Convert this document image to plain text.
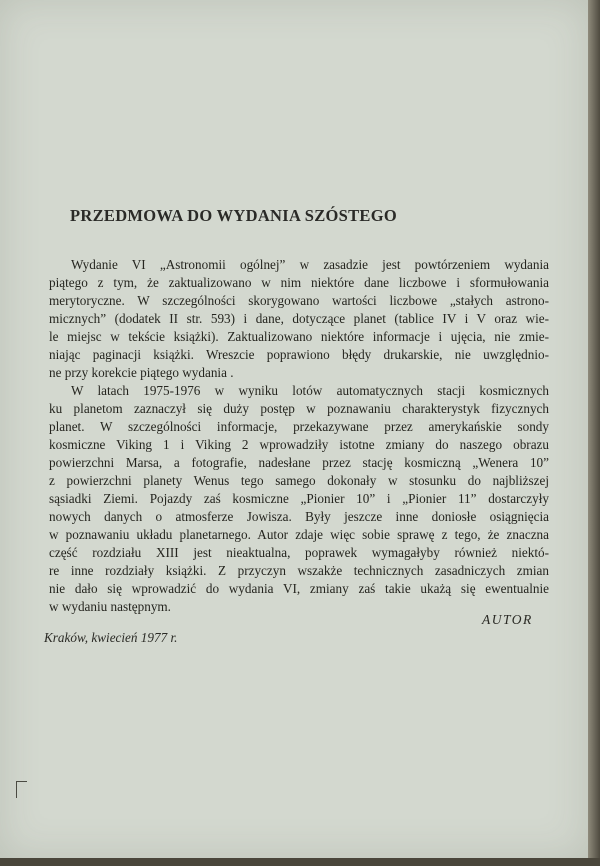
PRZEDMOWA DO WYDANIA SZÓSTEGO

Wydanie VI „Astronomii ogólnej” w zasadzie jest powtórzeniem wydania
piątego z tym, że zaktualizowano w nim niektóre dane liczbowe i sformułowania
merytoryczne. W szczególności skorygowano wartości liczbowe „stałych astrono-
micznych” (dodatek II str. 593) i dane, dotyczące planet (tablice IV i V oraz wie-
le miejsc w tekście książki). Zaktualizowano niektóre informacje i ujęcia, nie zmie-
niając paginacji książki. Wreszcie poprawiono błędy drukarskie, nie uwzględnio-
ne przy korekcie piątego wydania .

W latach 1975-1976 w wyniku lotów automatycznych stacji kosmicznych
ku planetom zaznaczył się duży postęp w poznawaniu charakterystyk fizycznych
planet. W szczególności informacje, przekazywane przez amerykańskie sondy
kosmiczne Viking 1 i Viking 2 wprowadziły istotne zmiany do naszego obrazu
powierzchni Marsa, a fotografie, nadesłane przez stację kosmiczną „Wenera 10”
z powierzchni planety Wenus tego samego dokonały w stosunku do najbliższej
sąsiadki Ziemi. Pojazdy zaś kosmiczne „Pionier 10” i „Pionier 11” dostarczyły
nowych danych o atmosferze Jowisza. Były jeszcze inne doniosłe osiągnięcia
w poznawaniu układu planetarnego. Autor zdaje więc sobie sprawę z tego, że znaczna
część rozdziału XIII jest nieaktualna, poprawek wymagałyby również niektó-
re inne rozdziały książki. Z przyczyn wszakże technicznych zasadniczych zmian
nie dało się wprowadzić do wydania VI, zmiany zaś takie ukażą się ewentualnie
w wydaniu następnym.

AUTOR
Kraków, kwiecień 1977 r.
